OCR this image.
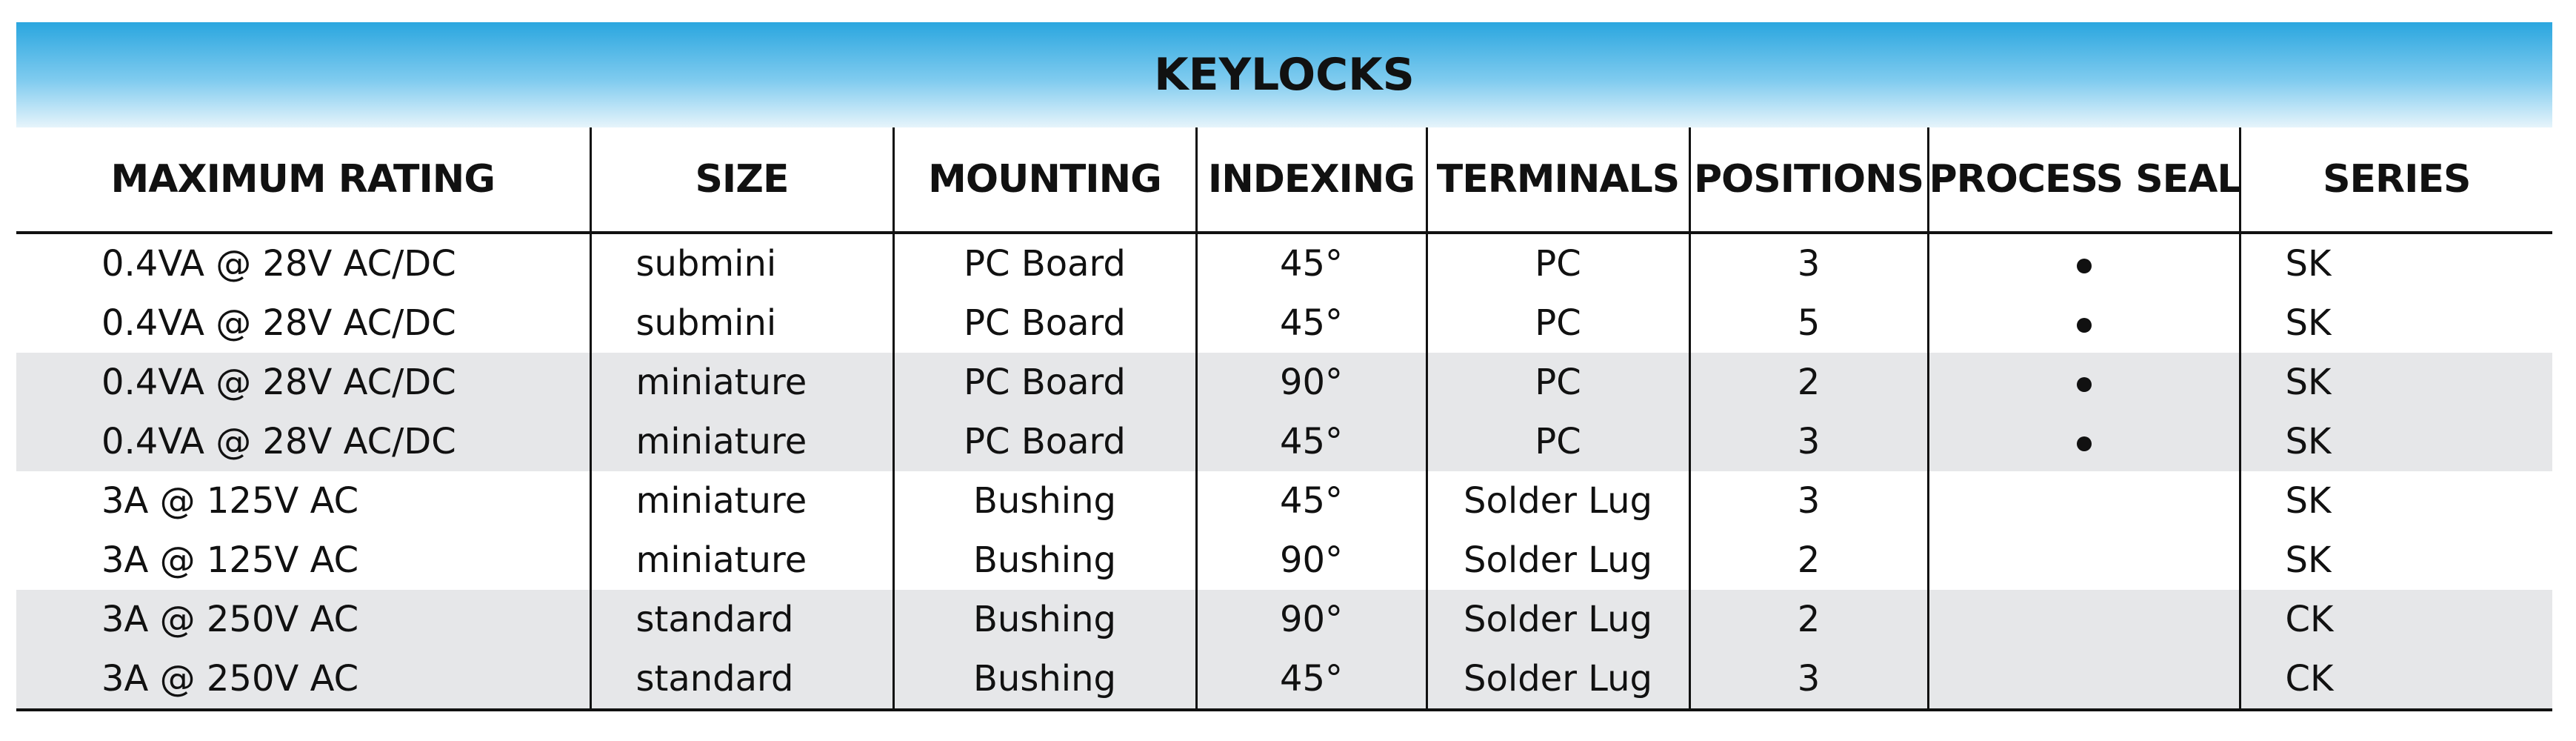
KEYLOCKS
MAXIMUM RATING	SIZE	MOUNTING	INDEXING	TERMINALS	POSITIONS	PROCESS SEAL	SERIES
0.4VA @ 28V AC/DC	submini	PC Board	45°	PC	3		SK
0.4VA @ 28V AC/DC	submini	PC Board	45°	PC	5		SK
0.4VA @ 28V AC/DC	miniature	PC Board	90°	PC	2		SK
0.4VA @ 28V AC/DC	miniature	PC Board	45°	PC	3		SK
3A @ 125V AC	miniature	Bushing	45°	Solder Lug	3		SK
3A @ 125V AC	miniature	Bushing	90°	Solder Lug	2		SK
3A @ 250V AC	standard	Bushing	90°	Solder Lug	2		CK
3A @ 250V AC	standard	Bushing	45°	Solder Lug	3		CK
